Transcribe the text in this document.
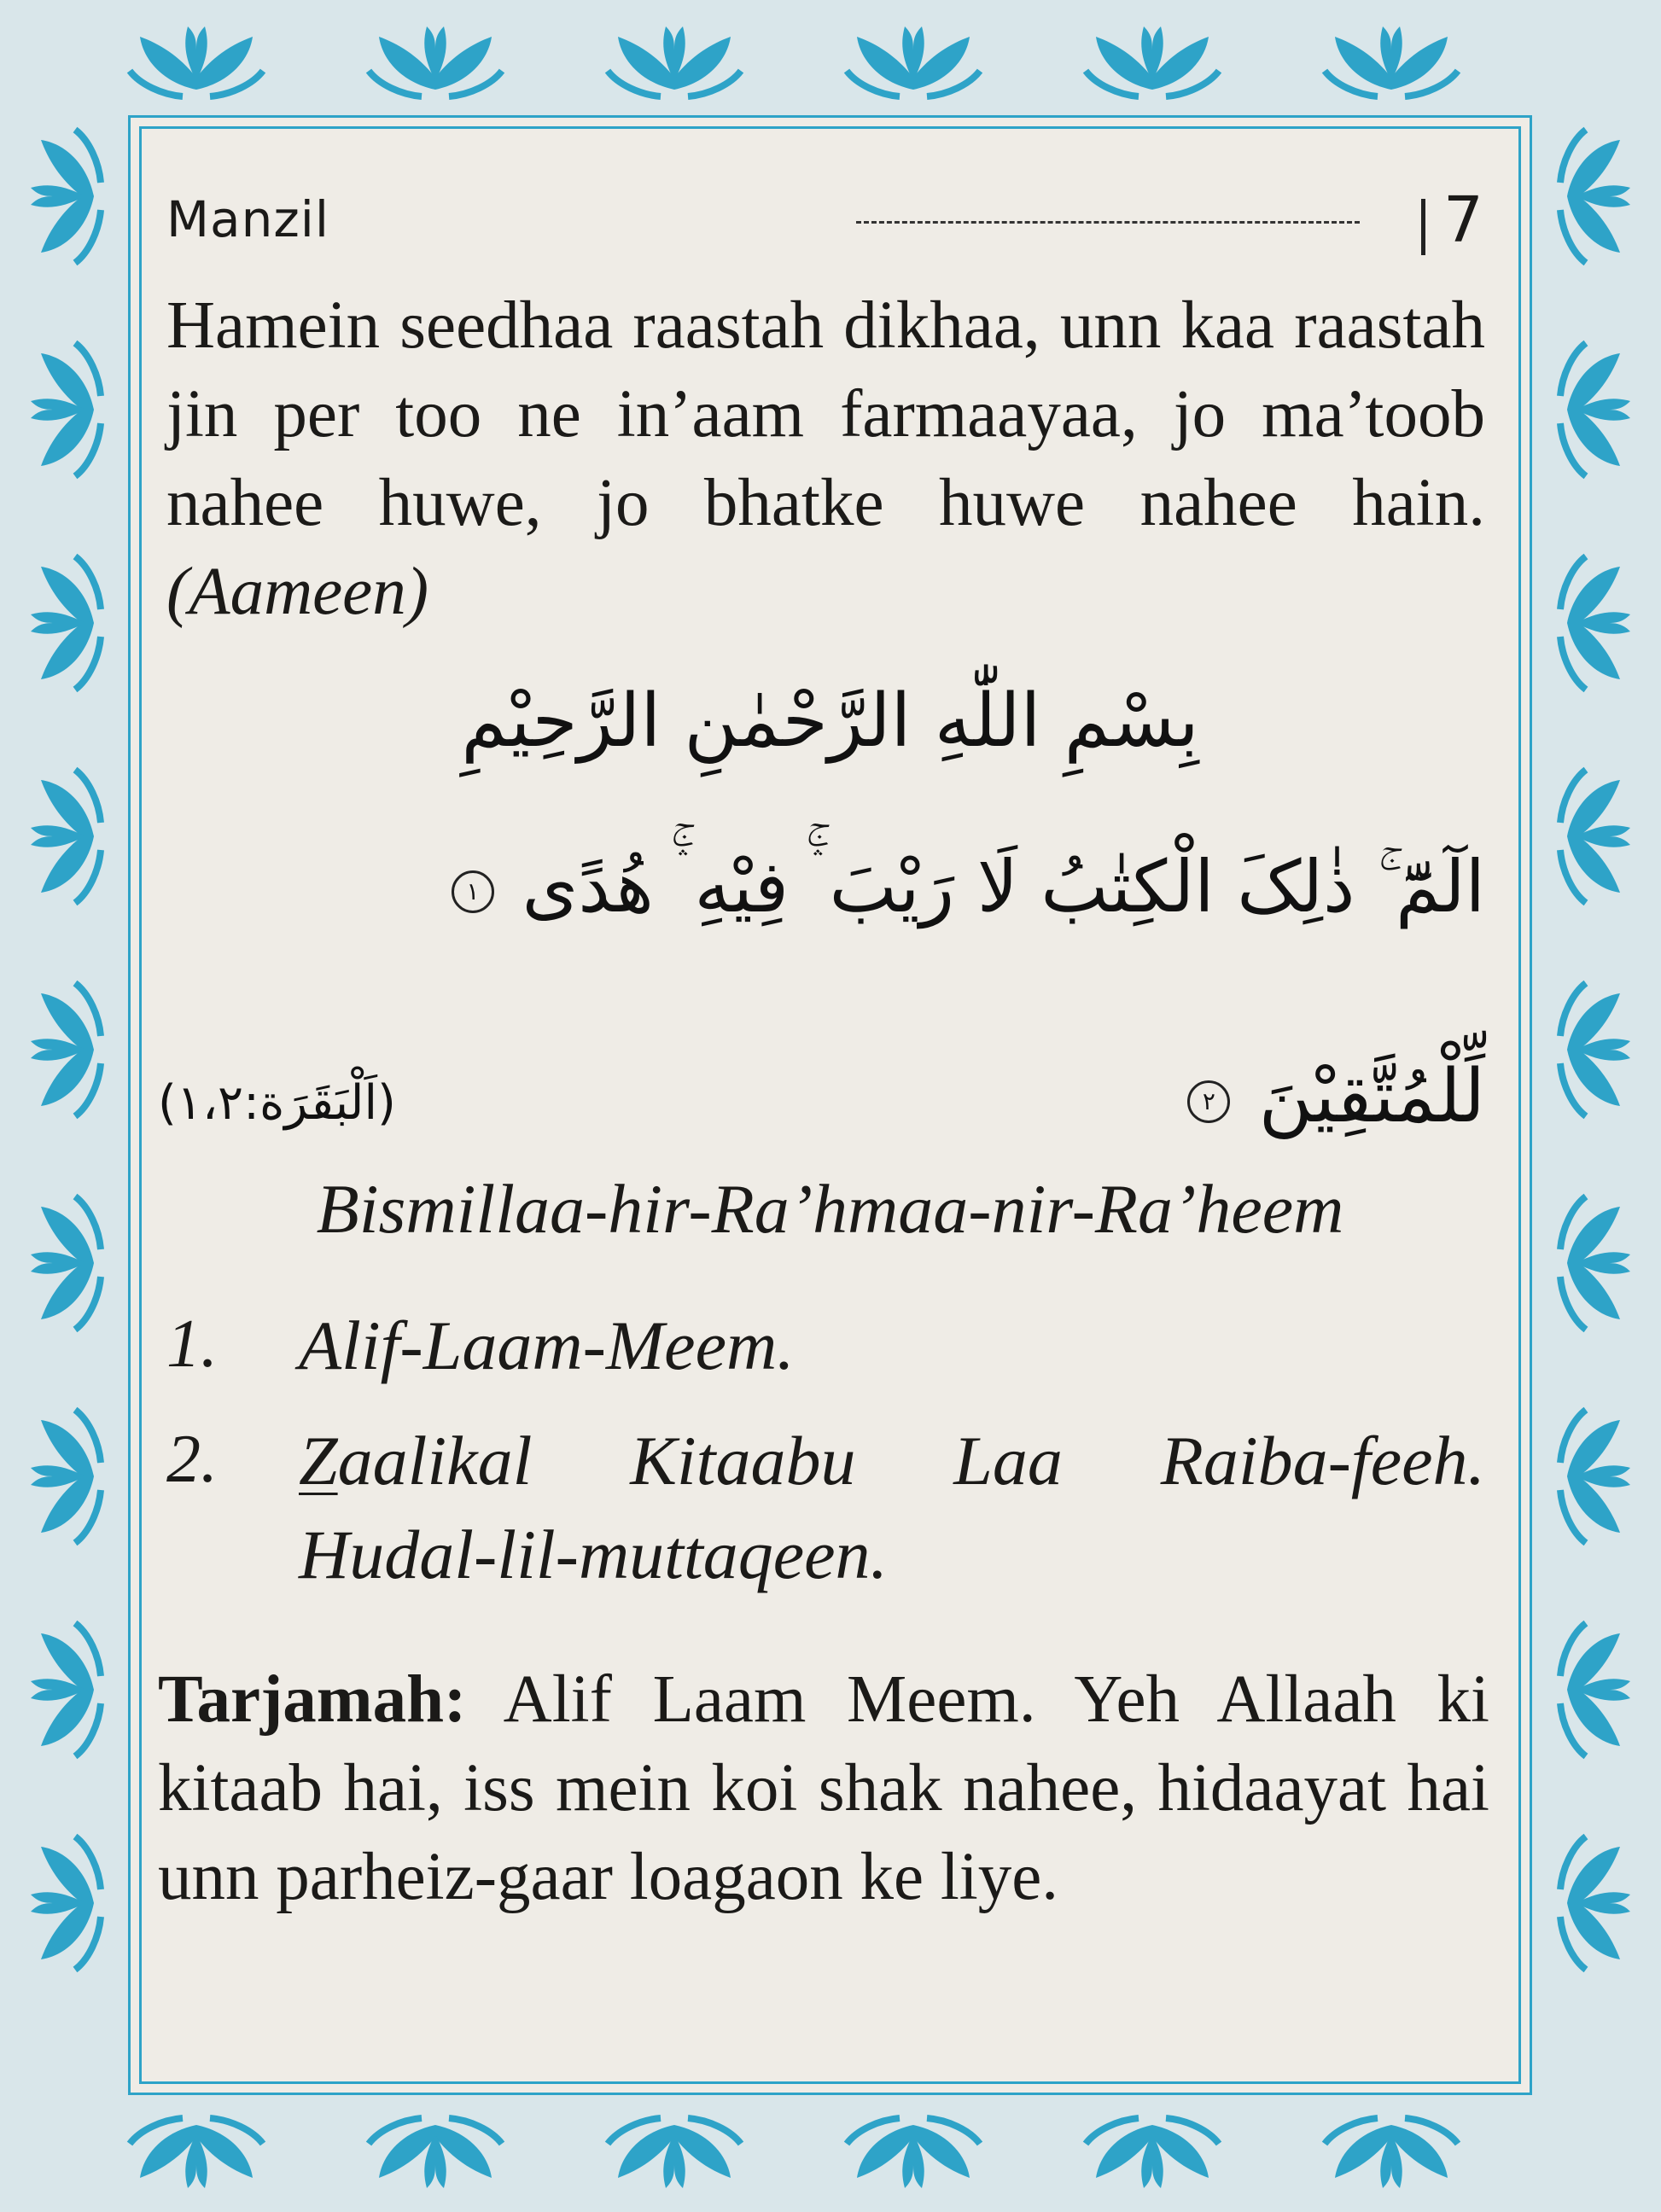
Manzil	7
Hamein seedhaa raastah dikhaa, unn kaa raastah jin per too ne in’aam farmaayaa, jo ma’toob nahee huwe, jo bhatke huwe nahee hain. (Aameen)
بِسْمِ اللّٰهِ الرَّحْمٰنِ الرَّحِيْمِ
الٓمّٓ ۚ ذٰلِکَ الْکِتٰبُ لَا رَیْبَ ۛۚ فِیْهِ ۛۚ هُدًی ١
لِّلْمُتَّقِیْنَ ٢
(اَلْبَقَرَة:١،٢)
Bismillaa-hir-Ra’hmaa-nir-Ra’heem
1. Alif-Laam-Meem.
2. Zaalikal Kitaabu Laa Raiba-feeh.
Hudal-lil-muttaqeen.
Tarjamah: Alif Laam Meem. Yeh Allaah ki kitaab hai, iss mein koi shak nahee, hidaayat hai unn parheiz-gaar loagaon ke liye.
